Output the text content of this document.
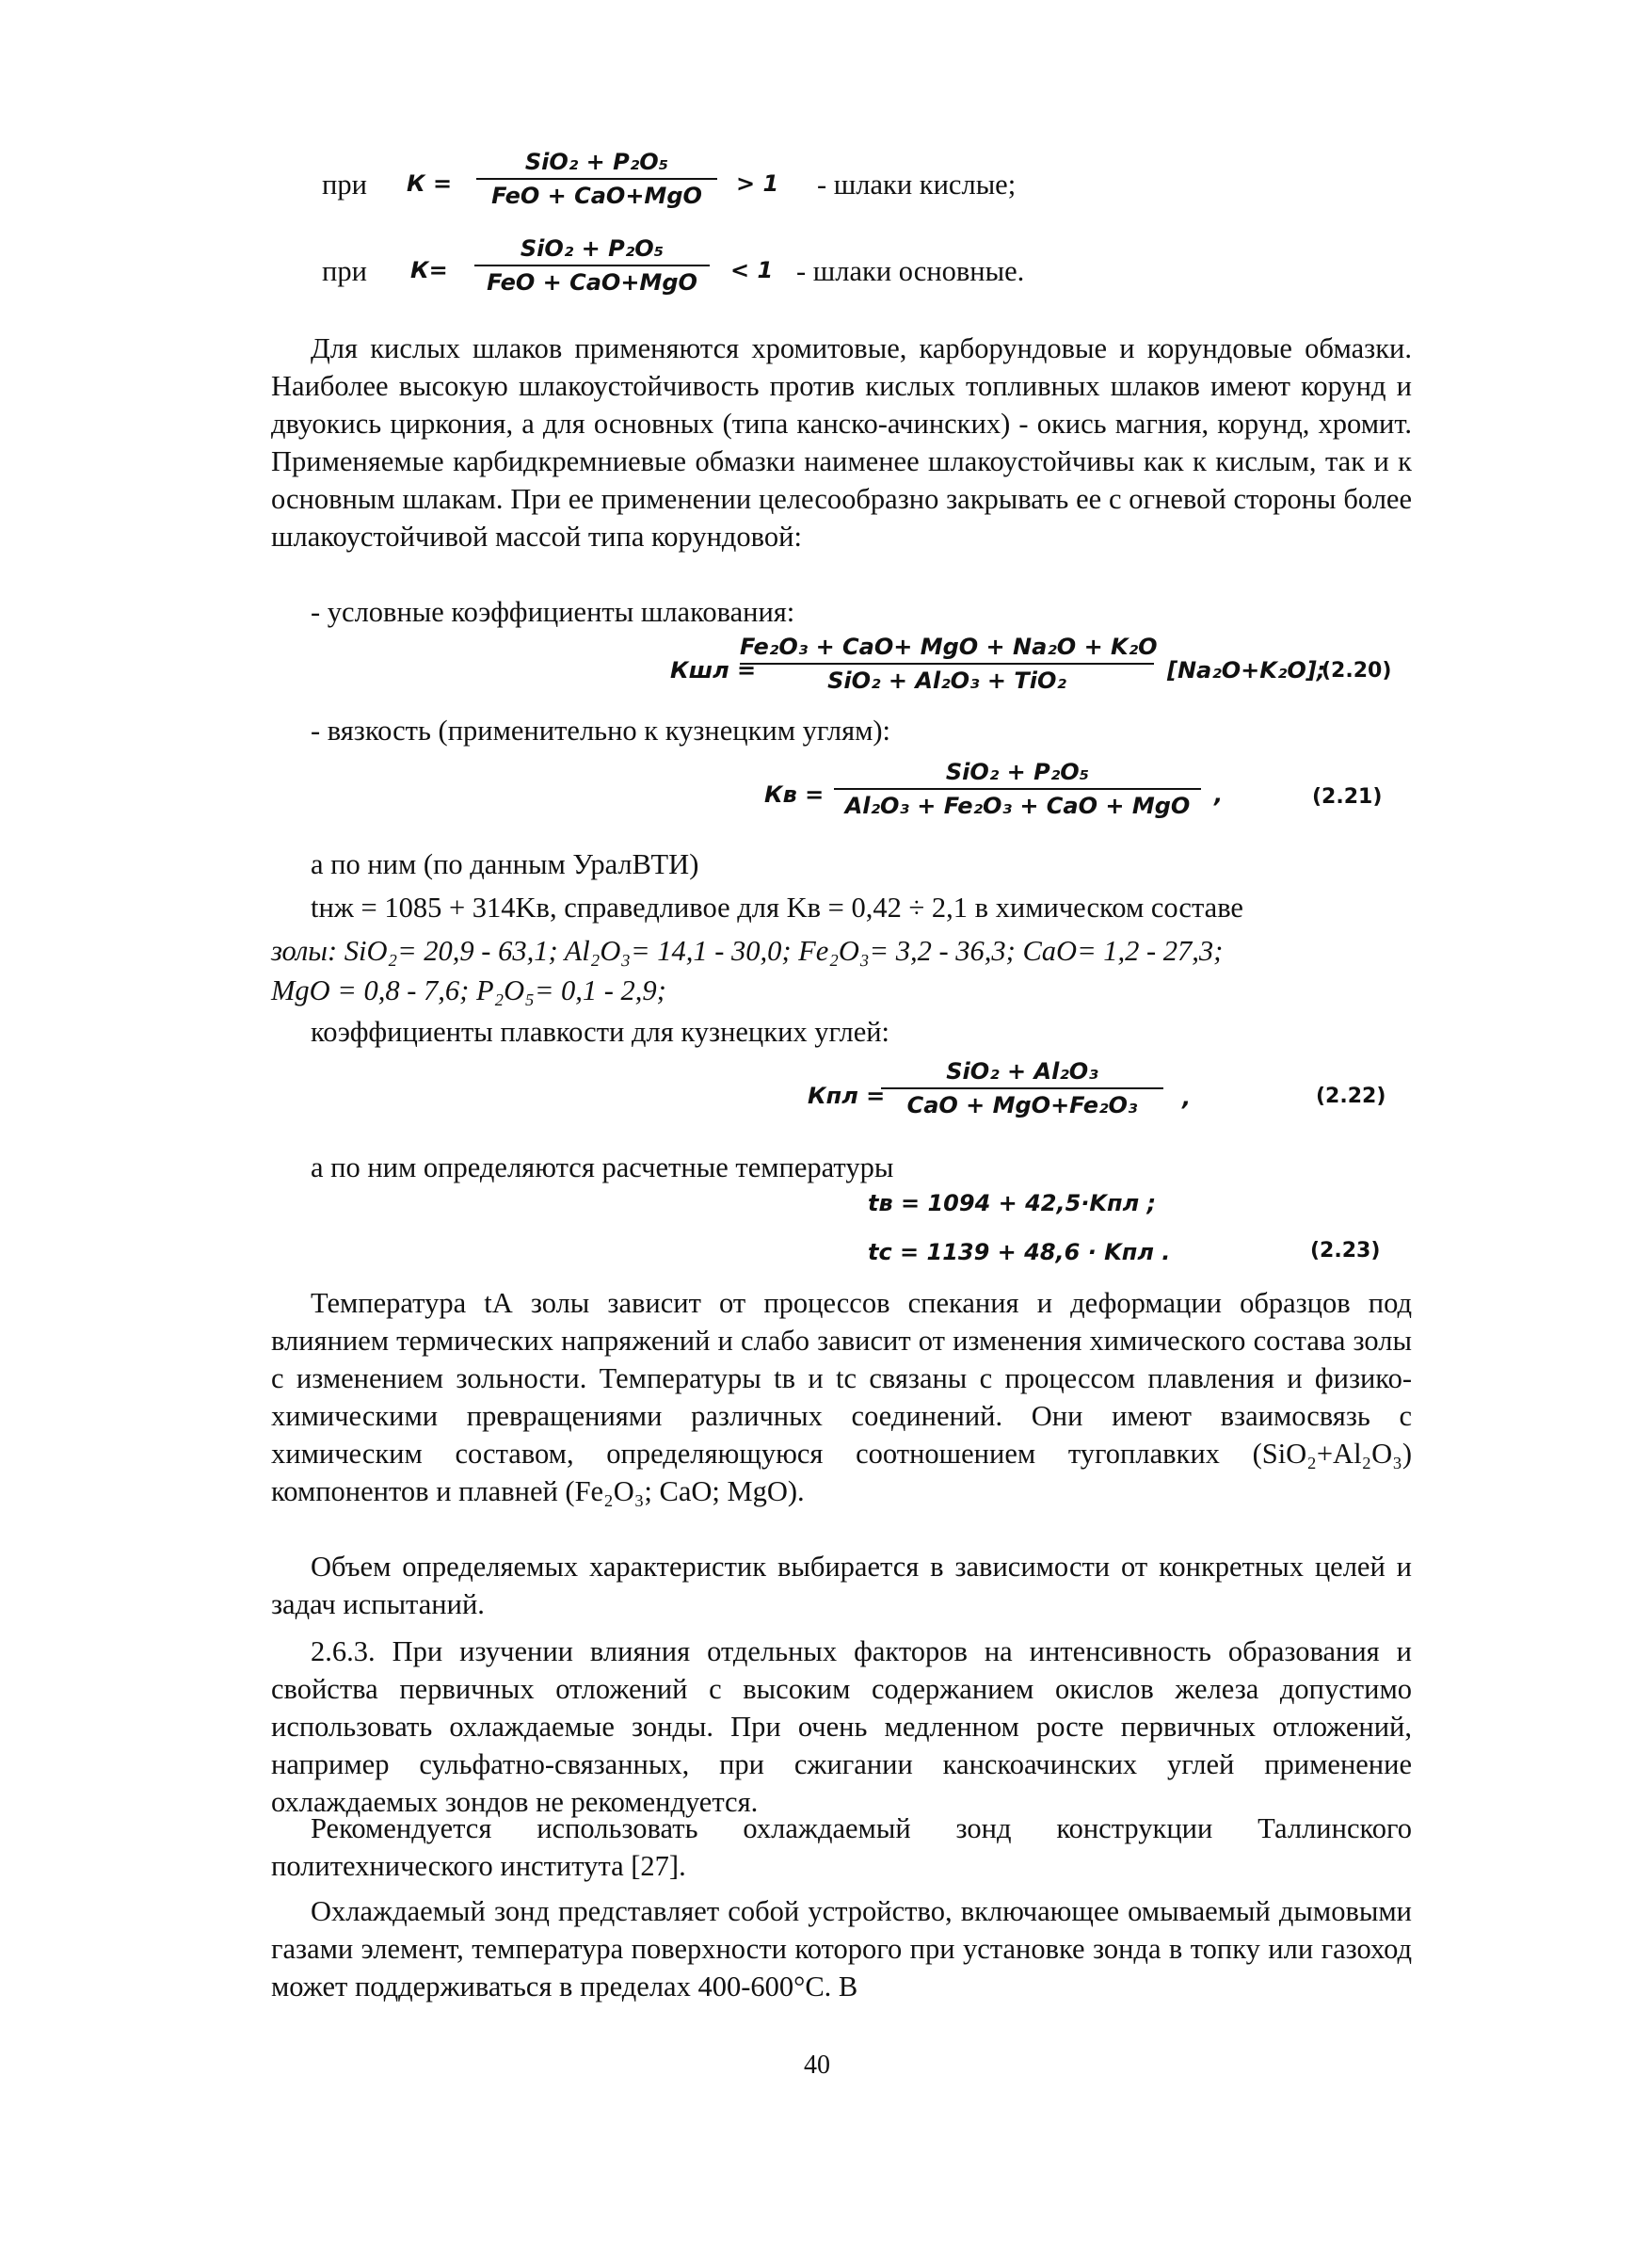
при К =
SiO₂ + P₂O₅
FeO + CaO+MgO	> 1 - шлаки кислые;
при К=
SiO₂ + P₂O₅
FeO + CaO+MgO	< 1 - шлаки основные.
Для кислых шлаков применяются хромитовые, карборундовые и корундовые обмазки. Наиболее высокую шлакоустойчивость против кислых топливных шлаков имеют корунд и двуокись циркония, а для основных (типа канско-ачинских) - окись магния, корунд, хромит. Применяемые карбидкремниевые обмазки наименее шлакоустойчивы как к кислым, так и к основным шлакам. При ее применении целесообразно закрывать ее с огневой стороны более шлакоустойчивой массой типа корундовой:
- условные коэффициенты шлакования:
Кшл =
Fe₂O₃ + CaO+ MgO + Na₂O + K₂O
SiO₂ + Al₂O₃ + TiO₂	[Na₂O+K₂O];
(2.20)
- вязкость (применительно к кузнецким углям):
Кв =
SiO₂ + P₂O₅
Al₂O₃ + Fe₂O₃ + CaO + MgO	,	(2.21)
а по ним (по данным УралВТИ)
tнж = 1085 + 314Kв, справедливое для Kв = 0,42 ÷ 2,1 в химическом составе
золы: SiO₂= 20,9 - 63,1; Al₂O₃= 14,1 - 30,0; Fe₂O₃= 3,2 - 36,3; CaO= 1,2 - 27,3;
MgO = 0,8 - 7,6; P₂O₅= 0,1 - 2,9;
коэффициенты плавкости для кузнецких углей:
Кпл =
SiO₂ + Al₂O₃
CaO + MgO+Fe₂O₃	,	(2.22)
а по ним определяются расчетные температуры
tв = 1094 + 42,5·Kпл ;
tс = 1139 + 48,6 · Kпл .	(2.23)
Температура tА золы зависит от процессов спекания и деформации образцов под влиянием термических напряжений и слабо зависит от изменения химического состава золы с изменением зольности. Температуры tв и tс связаны с процессом плавления и физико-химическими превращениями различных соединений. Они имеют взаимосвязь с химическим составом, определяющуюся соотношением тугоплавких (SiO₂+Al₂O₃) компонентов и плавней (Fe₂O₃; CaO; MgO).
Объем определяемых характеристик выбирается в зависимости от конкретных целей и задач испытаний.
2.6.3. При изучении влияния отдельных факторов на интенсивность образования и свойства первичных отложений с высоким содержанием окислов железа допустимо использовать охлаждаемые зонды. При очень медленном росте первичных отложений, например сульфатно-связанных, при сжигании канскоачинских углей применение охлаждаемых зондов не рекомендуется.
Рекомендуется использовать охлаждаемый зонд конструкции Таллинского политехнического института [27].
Охлаждаемый зонд представляет собой устройство, включающее омываемый дымовыми газами элемент, температура поверхности которого при установке зонда в топку или газоход может поддерживаться в пределах 400-600°С. В
40
